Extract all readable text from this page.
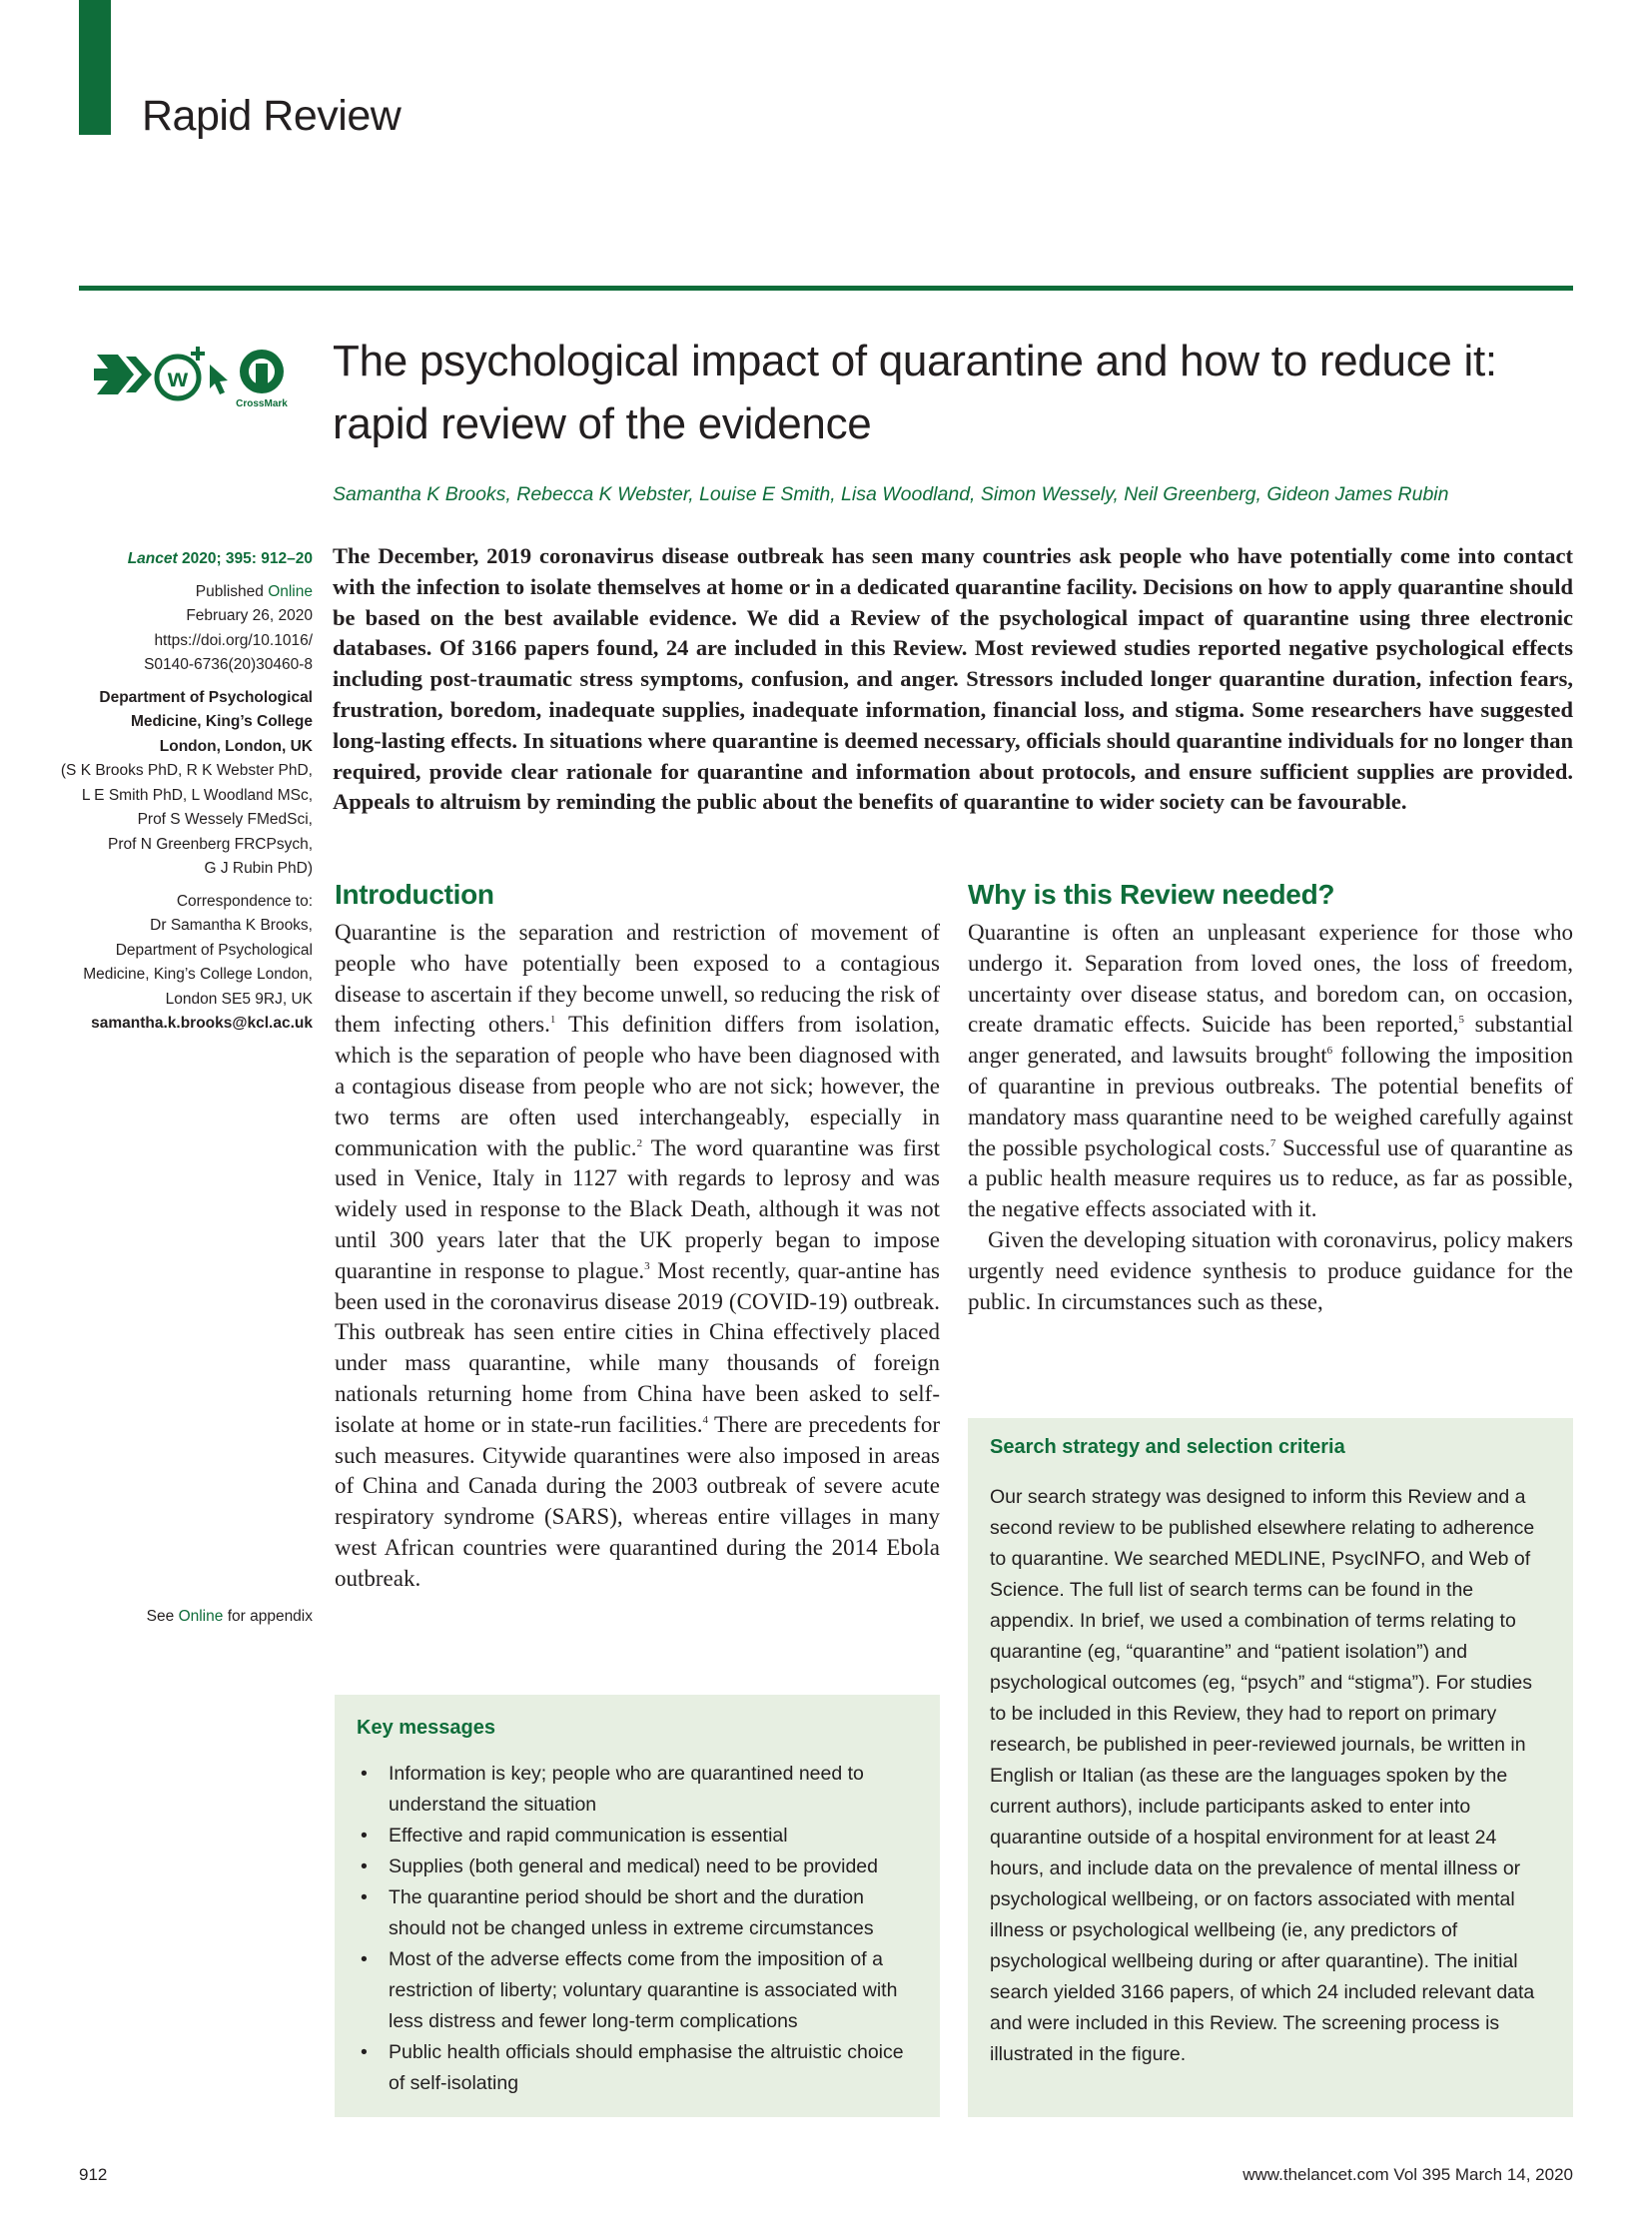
Rapid Review
w
CrossMark
The psychological impact of quarantine and how to reduce it: rapid review of the evidence
Samantha K Brooks, Rebecca K Webster, Louise E Smith, Lisa Woodland, Simon Wessely, Neil Greenberg, Gideon James Rubin
Lancet 2020; 395: 912–20
Published Online
February 26, 2020
https://doi.org/10.1016/
S0140-6736(20)30460-8
Department of Psychological
Medicine, King’s College
London, London, UK
(S K Brooks PhD, R K Webster PhD,
L E Smith PhD, L Woodland MSc,
Prof S Wessely FMedSci,
Prof N Greenberg FRCPsych,
G J Rubin PhD)
Correspondence to:
Dr Samantha K Brooks,
Department of Psychological
Medicine, King’s College London,
London SE5 9RJ, UK
samantha.k.brooks@kcl.ac.uk
See Online for appendix

The December, 2019 coronavirus disease outbreak has seen many countries ask people who have potentially come into contact with the infection to isolate themselves at home or in a dedicated quarantine facility. Decisions on how to apply quarantine should be based on the best available evidence. We did a Review of the psychological impact of quarantine using three electronic databases. Of 3166 papers found, 24 are included in this Review. Most reviewed studies reported negative psychological effects including post-traumatic stress symptoms, confusion, and anger. Stressors included longer quarantine duration, infection fears, frustration, boredom, inadequate supplies, inadequate information, financial loss, and stigma. Some researchers have suggested long-lasting effects. In situations where quarantine is deemed necessary, officials should quarantine individuals for no longer than required, provide clear rationale for quarantine and information about protocols, and ensure sufficient supplies are provided. Appeals to altruism by reminding the public about the benefits of quarantine to wider society can be favourable.

Introduction

Quarantine is the separation and restriction of movement of people who have potentially been exposed to a contagious disease to ascertain if they become unwell, so reducing the risk of them infecting others.$^1$ This definition differs from isolation, which is the separation of people who have been diagnosed with a contagious disease from people who are not sick; however, the two terms are often used interchangeably, especially in communication with the public.$^2$ The word quarantine was first used in Venice, Italy in 1127 with regards to leprosy and was widely used in response to the Black Death, although it was not until 300 years later that the UK properly began to impose quarantine in response to plague.$^3$ Most recently, quar-antine has been used in the coronavirus disease 2019 (COVID-19) outbreak. This outbreak has seen entire cities in China effectively placed under mass quarantine, while many thousands of foreign nationals returning home from China have been asked to self-isolate at home or in state-run facilities.$^4$ There are precedents for such measures. Citywide quarantines were also imposed in areas of China and Canada during the 2003 outbreak of severe acute respiratory syndrome (SARS), whereas entire villages in many west African countries were quarantined during the 2014 Ebola outbreak.

Why is this Review needed?

Quarantine is often an unpleasant experience for those who undergo it. Separation from loved ones, the loss of freedom, uncertainty over disease status, and boredom can, on occasion, create dramatic effects. Suicide has been reported,$^5$ substantial anger generated, and lawsuits brought$^6$ following the imposition of quarantine in previous outbreaks. The potential benefits of mandatory mass quarantine need to be weighed carefully against the possible psychological costs.$^7$ Successful use of quarantine as a public health measure requires us to reduce, as far as possible, the negative effects associated with it.

Given the developing situation with coronavirus, policy makers urgently need evidence synthesis to produce guidance for the public. In circumstances such as these,

Key messages
• Information is key; people who are quarantined need to understand the situation
• Effective and rapid communication is essential
• Supplies (both general and medical) need to be provided
• The quarantine period should be short and the duration should not be changed unless in extreme circumstances
• Most of the adverse effects come from the imposition of a restriction of liberty; voluntary quarantine is associated with less distress and fewer long-term complications
• Public health officials should emphasise the altruistic choice of self-isolating
Search strategy and selection criteria
Our search strategy was designed to inform this Review and a second review to be published elsewhere relating to adherence to quarantine. We searched MEDLINE, PsycINFO, and Web of Science. The full list of search terms can be found in the appendix. In brief, we used a combination of terms relating to quarantine (eg, “quarantine” and “patient isolation”) and psychological outcomes (eg, “psych” and “stigma”). For studies to be included in this Review, they had to report on primary research, be published in peer-reviewed journals, be written in English or Italian (as these are the languages spoken by the current authors), include participants asked to enter into quarantine outside of a hospital environment for at least 24 hours, and include data on the prevalence of mental illness or psychological wellbeing, or on factors associated with mental illness or psychological wellbeing (ie, any predictors of psychological wellbeing during or after quarantine). The initial search yielded 3166 papers, of which 24 included relevant data and were included in this Review. The screening process is illustrated in the figure.
912	www.thelancet.com Vol 395 March 14, 2020
